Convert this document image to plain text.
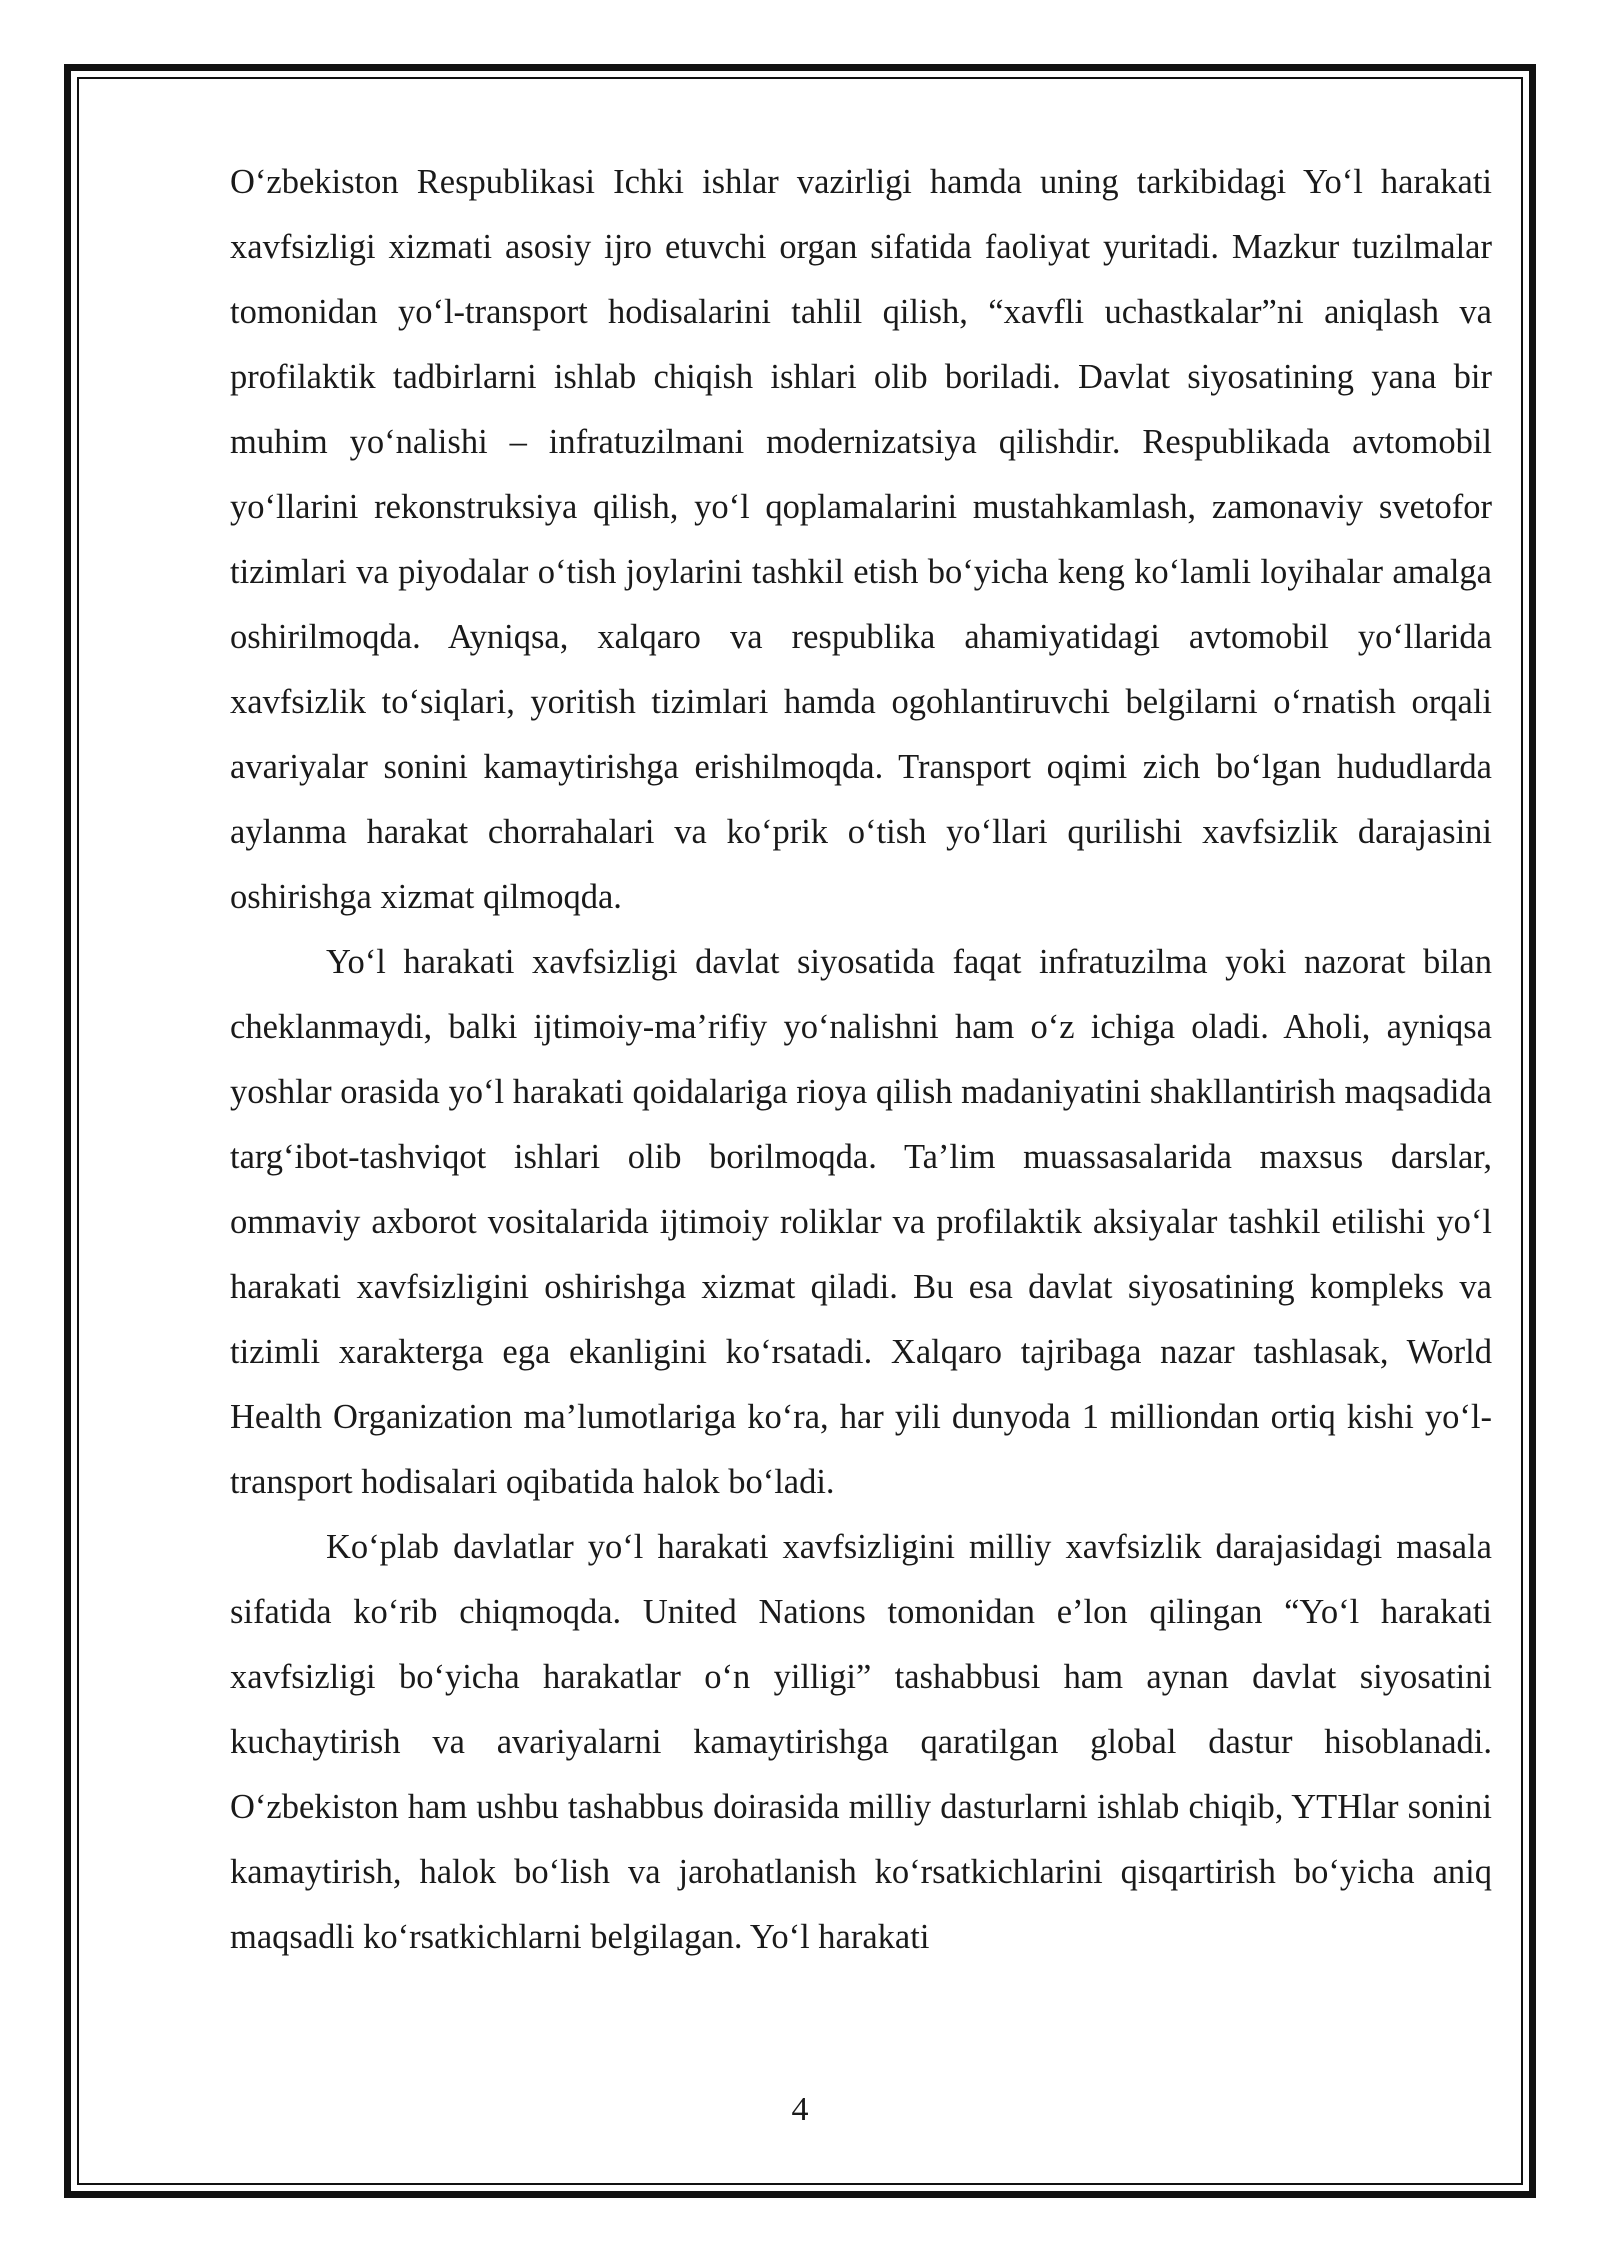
O‘zbekiston Respublikasi Ichki ishlar vazirligi hamda uning tarkibidagi Yo‘l harakati xavfsizligi xizmati asosiy ijro etuvchi organ sifatida faoliyat yuritadi. Mazkur tuzilmalar tomonidan yo‘l-transport hodisalarini tahlil qilish, “xavfli uchastkalar”ni aniqlash va profilaktik tadbirlarni ishlab chiqish ishlari olib boriladi. Davlat siyosatining yana bir muhim yo‘nalishi – infratuzilmani modernizatsiya qilishdir. Respublikada avtomobil yo‘llarini rekonstruksiya qilish, yo‘l qoplamalarini mustahkamlash, zamonaviy svetofor tizimlari va piyodalar o‘tish joylarini tashkil etish bo‘yicha keng ko‘lamli loyihalar amalga oshirilmoqda. Ayniqsa, xalqaro va respublika ahamiyatidagi avtomobil yo‘llarida xavfsizlik to‘siqlari, yoritish tizimlari hamda ogohlantiruvchi belgilarni o‘rnatish orqali avariyalar sonini kamaytirishga erishilmoqda. Transport oqimi zich bo‘lgan hududlarda aylanma harakat chorrahalari va ko‘prik o‘tish yo‘llari qurilishi xavfsizlik darajasini oshirishga xizmat qilmoqda.

Yo‘l harakati xavfsizligi davlat siyosatida faqat infratuzilma yoki nazorat bilan cheklanmaydi, balki ijtimoiy-ma’rifiy yo‘nalishni ham o‘z ichiga oladi. Aholi, ayniqsa yoshlar orasida yo‘l harakati qoidalariga rioya qilish madaniyatini shakllantirish maqsadida targ‘ibot-tashviqot ishlari olib borilmoqda. Ta’lim muassasalarida maxsus darslar, ommaviy axborot vositalarida ijtimoiy roliklar va profilaktik aksiyalar tashkil etilishi yo‘l harakati xavfsizligini oshirishga xizmat qiladi. Bu esa davlat siyosatining kompleks va tizimli xarakterga ega ekanligini ko‘rsatadi. Xalqaro tajribaga nazar tashlasak, World Health Organization ma’lumotlariga ko‘ra, har yili dunyoda 1 milliondan ortiq kishi yo‘l-transport hodisalari oqibatida halok bo‘ladi.

Ko‘plab davlatlar yo‘l harakati xavfsizligini milliy xavfsizlik darajasidagi masala sifatida ko‘rib chiqmoqda. United Nations tomonidan e’lon qilingan “Yo‘l harakati xavfsizligi bo‘yicha harakatlar o‘n yilligi” tashabbusi ham aynan davlat siyosatini kuchaytirish va avariyalarni kamaytirishga qaratilgan global dastur hisoblanadi. O‘zbekiston ham ushbu tashabbus doirasida milliy dasturlarni ishlab chiqib, YTHlar sonini kamaytirish, halok bo‘lish va jarohatlanish ko‘rsatkichlarini qisqartirish bo‘yicha aniq maqsadli ko‘rsatkichlarni belgilagan. Yo‘l harakati

4
